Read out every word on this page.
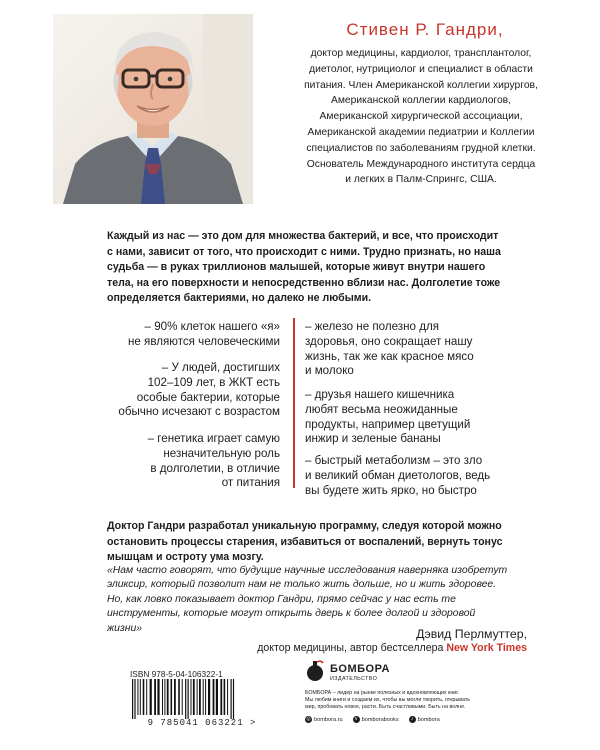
Стивен Р. Гандри,
доктор медицины, кардиолог, трансплантолог,
диетолог, нутрициолог и специалист в области
питания. Член Американской коллегии хирургов,
Американской коллегии кардиологов,
Американской хирургической ассоциации,
Американской академии педиатрии и Коллегии
специалистов по заболеваниям грудной клетки.
Основатель Международного института сердца
и легких в Палм-Спрингс, США.
Каждый из нас — это дом для множества бактерий, и все, что происходит
с нами, зависит от того, что происходит с ними. Трудно признать, но наша
судьба — в руках триллионов малышей, которые живут внутри нашего
тела, на его поверхности и непосредственно вблизи нас. Долголетие тоже
определяется бактериями, но далеко не любыми.
– 90% клеток нашего «я»
не являются человеческими
– У людей, достигших
102–109 лет, в ЖКТ есть
особые бактерии, которые
обычно исчезают с возрастом
– генетика играет самую
незначительную роль
в долголетии, в отличие
от питания
– железо не полезно для
здоровья, оно сокращает нашу
жизнь, так же как красное мясо
и молоко
– друзья нашего кишечника
любят весьма неожиданные
продукты, например цветущий
инжир и зеленые бананы
– быстрый метаболизм – это зло
и великий обман диетологов, ведь
вы будете жить ярко, но быстро
Доктор Гандри разработал уникальную программу, следуя которой можно
остановить процессы старения, избавиться от воспалений, вернуть тонус
мышцам и остроту ума мозгу.
«Нам часто говорят, что будущие научные исследования наверняка изобретут
эликсир, который позволит нам не только жить дольше, но и жить здоровее.
Но, как ловко показывает доктор Гандри, прямо сейчас у нас есть те
инструменты, которые могут открыть дверь к более долгой и здоровой
жизни»	Дэвид Перлмуттер,
доктор медицины, автор бестселлера New York Times
ISBN 978-5-04-106322-1
9 785041 063221 >
БОМБОРА
ИЗДАТЕЛЬСТВО
БОМБОРА – лидер на рынке полезных и вдохновляющих книг.
Мы любим книги и создаем их, чтобы вы могли творить, открывать
мир, пробовать новое, расти. Быть счастливыми. Быть на волне.
◎ bombora.ru	v bomborabooks	♪ bombora
